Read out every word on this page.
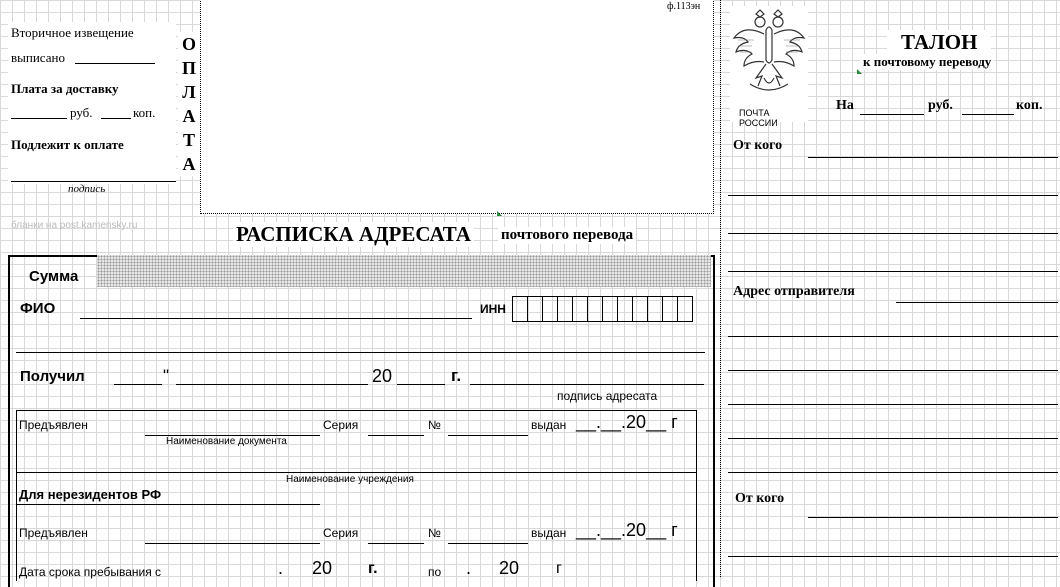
Вторичное извещение
выписано
Плата за доставку
руб.	коп.
Подлежит к оплате
подпись
бланки на post.kamensky.ru
О
П
Л
А
Т
А
ф.113эн
РАСПИСКА АДРЕСАТА почтового перевода
Сумма
ФИО	ИНН
Получил	"	20	г.
подпись адресата
Предъявлен
Наименование документа
Серия	№	выдан __.__.20__ г
Наименование учреждения
Для нерезидентов РФ
Предъявлен	Серия	№	выдан __.__.20__ г
Дата срока пребывания с	. 20 г.	по . 20 г
ПОЧТА РОССИИ
ТАЛОН
к почтовому переводу
На	руб.	коп.
От кого
Адрес отправителя
От кого
